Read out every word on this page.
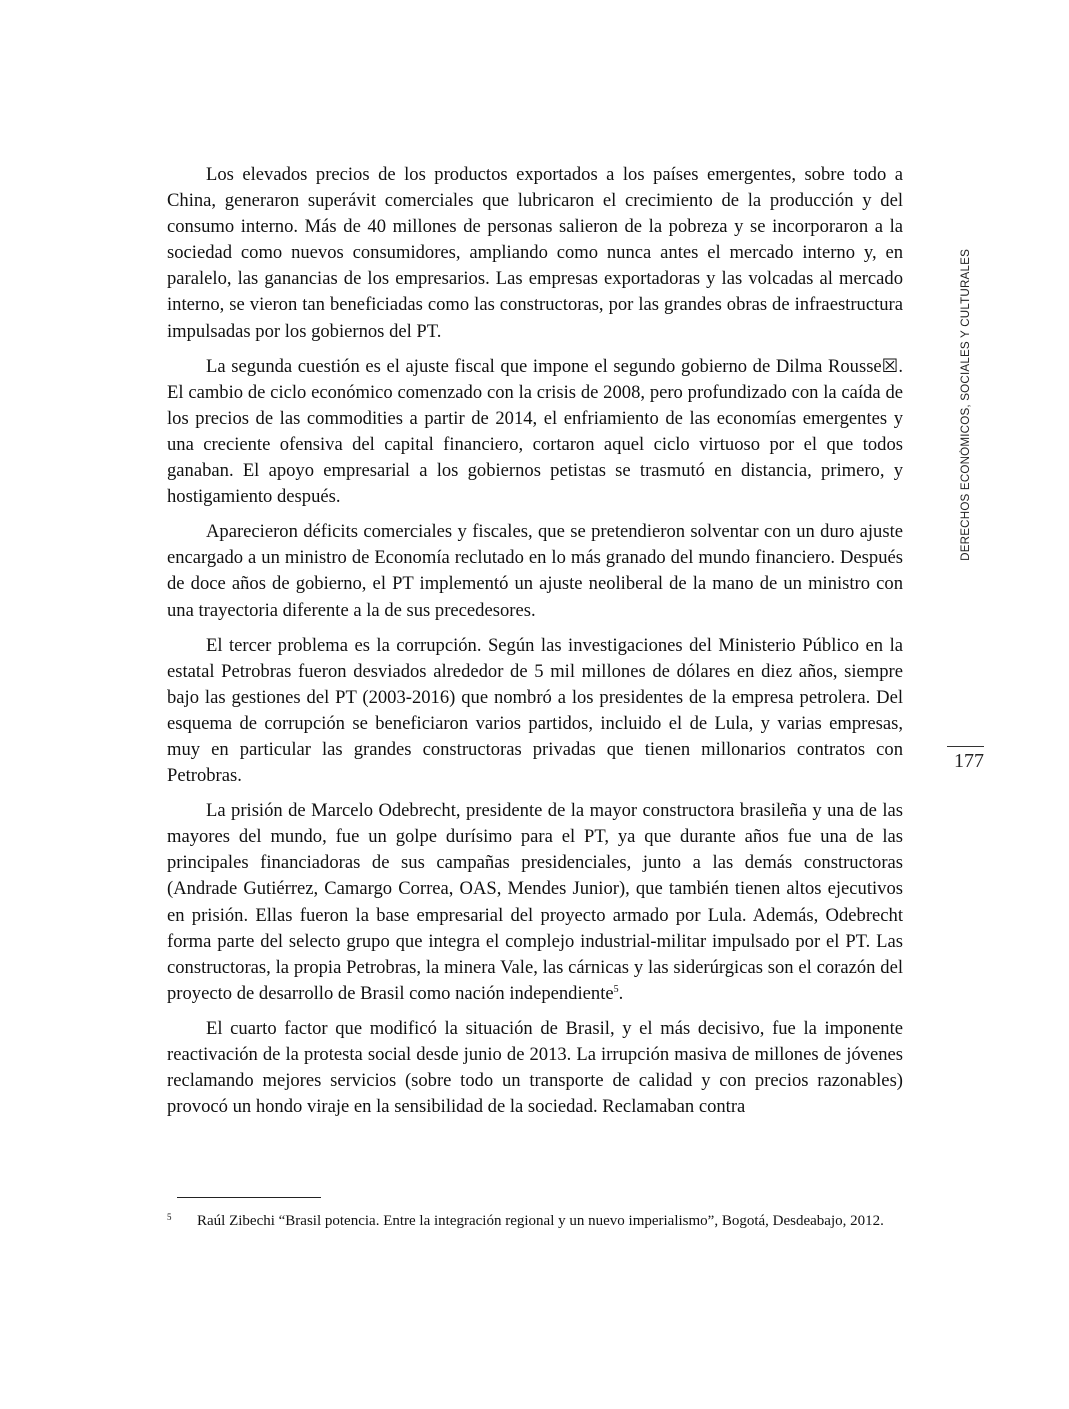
DERECHOS ECONÓMICOS, SOCIALES Y CULTURALES
177

Los elevados precios de los productos exportados a los países emergentes, sobre todo a China, generaron superávit comerciales que lubricaron el crecimiento de la producción y del consumo interno. Más de 40 millones de personas salieron de la pobreza y se incorporaron a la sociedad como nuevos consumidores, ampliando como nunca antes el mercado interno y, en paralelo, las ganancias de los empresarios. Las empresas exportadoras y las volcadas al mercado interno, se vieron tan beneficiadas como las constructoras, por las grandes obras de infraestructura impulsadas por los gobiernos del PT.

La segunda cuestión es el ajuste fiscal que impone el segundo gobierno de Dilma Rousse☒. El cambio de ciclo económico comenzado con la crisis de 2008, pero profundizado con la caída de los precios de las commodities a partir de 2014, el enfriamiento de las economías emergentes y una creciente ofensiva del capital financiero, cortaron aquel ciclo virtuoso por el que todos ganaban. El apoyo empresarial a los gobiernos petistas se trasmutó en distancia, primero, y hostigamiento después.

Aparecieron déficits comerciales y fiscales, que se pretendieron solventar con un duro ajuste encargado a un ministro de Economía reclutado en lo más granado del mundo financiero. Después de doce años de gobierno, el PT implementó un ajuste neoliberal de la mano de un ministro con una trayectoria diferente a la de sus precedesores.

El tercer problema es la corrupción. Según las investigaciones del Ministerio Público en la estatal Petrobras fueron desviados alrededor de 5 mil millones de dólares en diez años, siempre bajo las gestiones del PT (2003-2016) que nombró a los presidentes de la empresa petrolera. Del esquema de corrupción se beneficiaron varios partidos, incluido el de Lula, y varias empresas, muy en particular las grandes constructoras privadas que tienen millonarios contratos con Petrobras.

La prisión de Marcelo Odebrecht, presidente de la mayor constructora brasileña y una de las mayores del mundo, fue un golpe durísimo para el PT, ya que durante años fue una de las principales financiadoras de sus campañas presidenciales, junto a las demás constructoras (Andrade Gutiérrez, Camargo Correa, OAS, Mendes Junior), que también tienen altos ejecutivos en prisión. Ellas fueron la base empresarial del proyecto armado por Lula. Además, Odebrecht forma parte del selecto grupo que integra el complejo industrial-militar impulsado por el PT. Las constructoras, la propia Petrobras, la minera Vale, las cárnicas y las siderúrgicas son el corazón del proyecto de desarrollo de Brasil como nación independiente$^5$.

El cuarto factor que modificó la situación de Brasil, y el más decisivo, fue la imponente reactivación de la protesta social desde junio de 2013. La irrupción masiva de millones de jóvenes reclamando mejores servicios (sobre todo un transporte de calidad y con precios razonables) provocó un hondo viraje en la sensibilidad de la sociedad. Reclamaban contra

5 Raúl Zibechi “Brasil potencia. Entre la integración regional y un nuevo imperialismo”, Bogotá, Desdeabajo, 2012.
